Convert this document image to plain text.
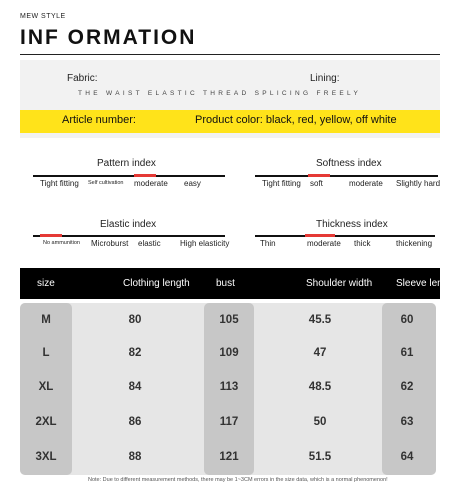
MEW STYLE
INF ORMATION
Fabric:	Lining:
THE WAIST ELASTIC THREAD SPLICING FREELY
Article number:	Product color: black, red, yellow, off white
Pattern index
Tight fitting Self cultivation moderate easy
Softness index
Tight fitting soft	moderate Slightly hard
Elastic index
No ammunition Microburst elastic High elasticity
Thickness index
Thin	moderate thick	thickening
size	Clothing length	bust	Shoulder width Sleeve length
M	80	105	45.5	60
L	82	109	47	61
XL	84	113	48.5	62
2XL	86	117	50	63
3XL	88	121	51.5	64
Note: Due to different measurement methods, there may be 1~3CM errors in the size data, which is a normal phenomenon!
